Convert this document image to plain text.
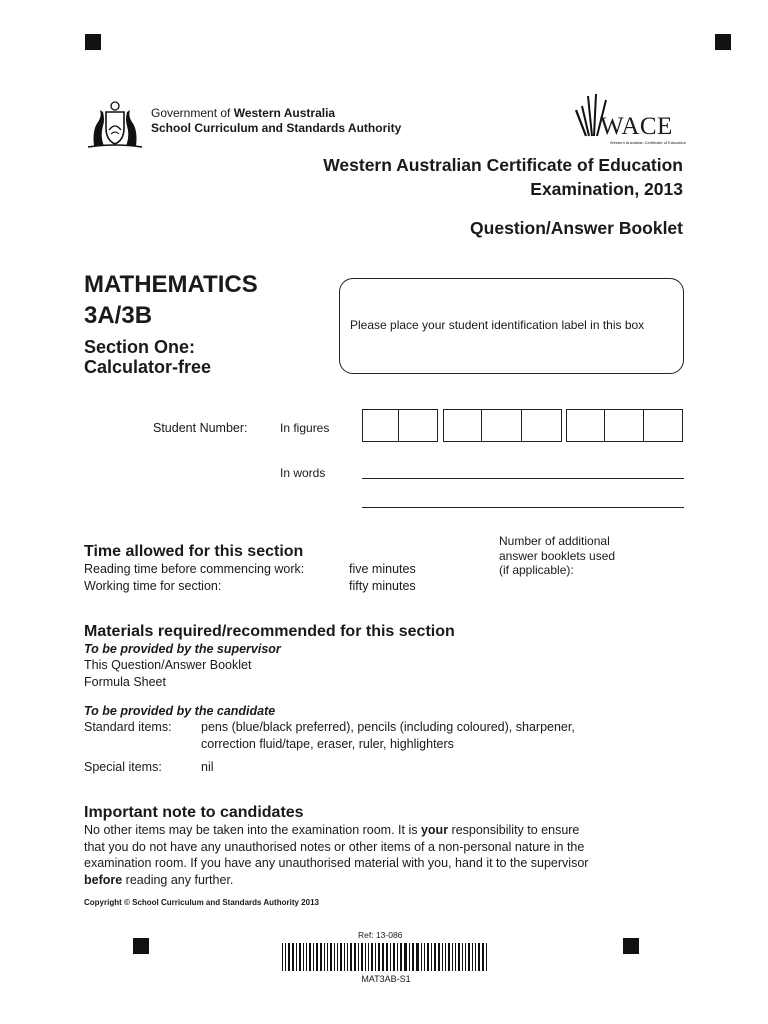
Government of Western Australia
School Curriculum and Standards Authority	WACE
Western Australian Certificate of Education
Western Australian Certificate of Education
Examination, 2013
Question/Answer Booklet
MATHEMATICS
3A/3B
Section One:
Calculator-free
Please place your student identification label in this box
Student Number:	In figures
In words
Number of additional
answer booklets used
(if applicable):
Time allowed for this section
Reading time before commencing work:	five minutes
Working time for section:	fifty minutes
Materials required/recommended for this section
To be provided by the supervisor
This Question/Answer Booklet
Formula Sheet
To be provided by the candidate
Standard items: pens (blue/black preferred), pencils (including coloured), sharpener,
correction fluid/tape, eraser, ruler, highlighters
Special items:	nil
Important note to candidates
No other items may be taken into the examination room. It is your responsibility to ensure
that you do not have any unauthorised notes or other items of a non-personal nature in the
examination room. If you have any unauthorised material with you, hand it to the supervisor
before reading any further.
Copyright © School Curriculum and Standards Authority 2013
Ref: 13-086
MAT3AB-S1
